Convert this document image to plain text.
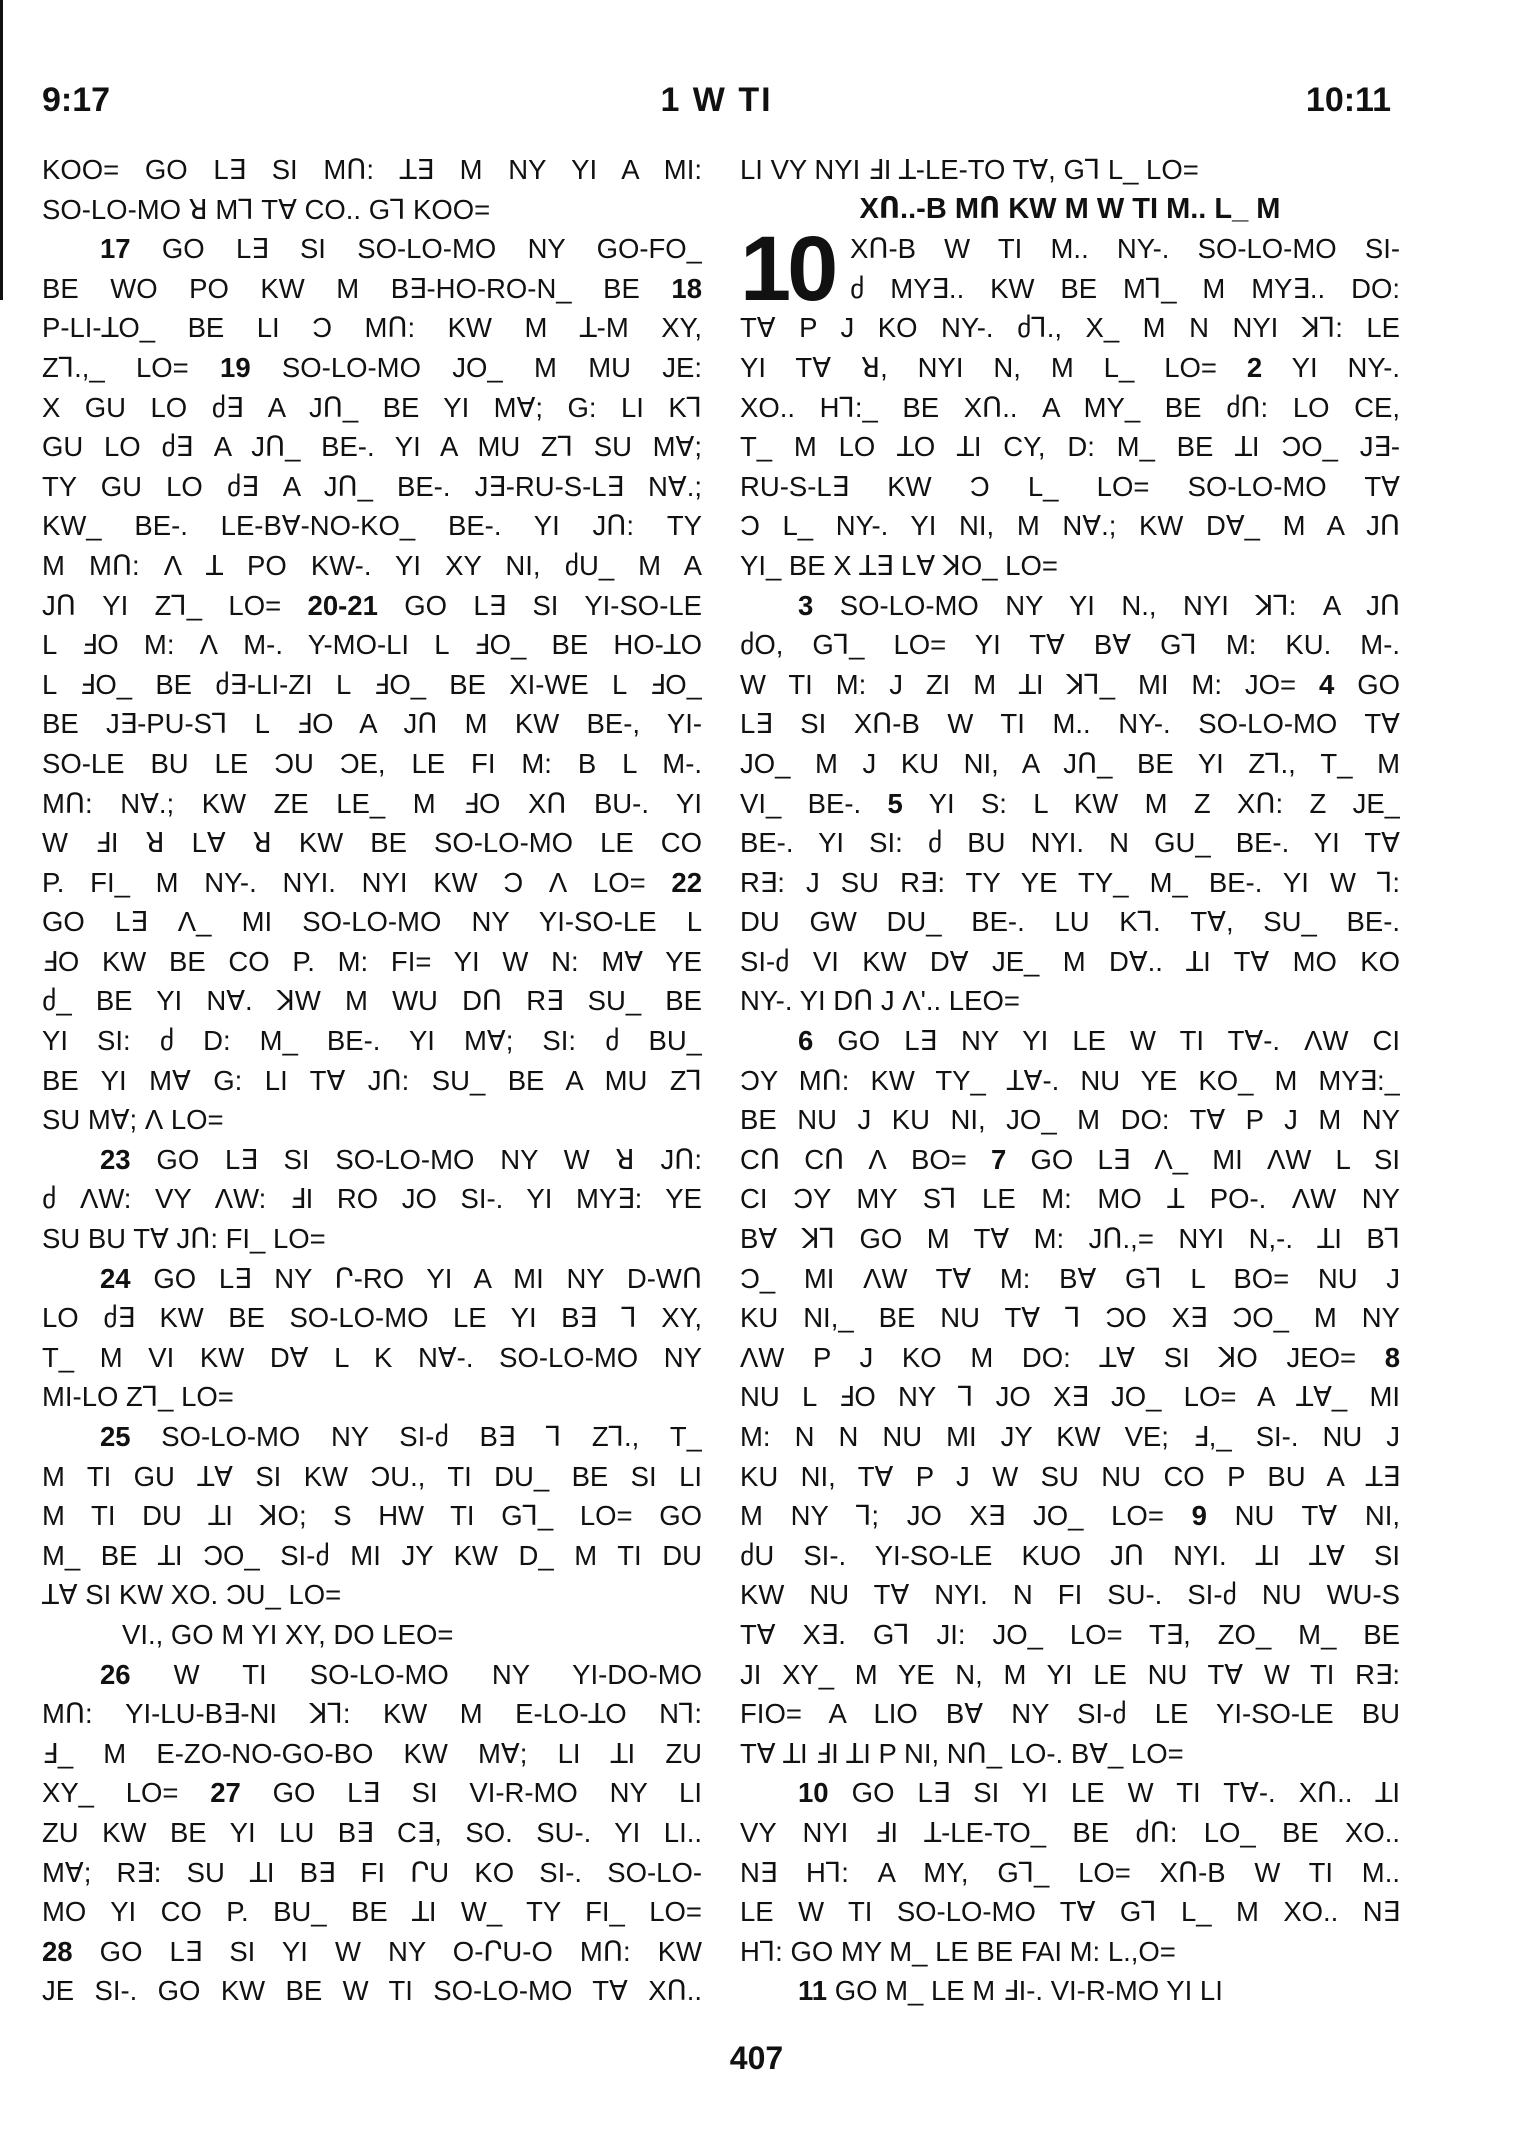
9:17	1 W TI	10:11
KOO= GO L∃ SI MՈ: ꓕ∃ M NY YI A MI:
SO-LO-MO ꓤ Mꓶ TⱯ CO.. Gꓶ KOO=
17 GO L∃ SI SO-LO-MO NY GO-FO_
BE WO PO KW M B∃-HO-RO-N_ BE 18
P-LI-ꓕO_ BE LI Ͻ MՈ: KW M ꓕ-M XY,
Zꓶ.,_ LO= 19 SO-LO-MO JO_ M MU JE:
X GU LO ძ∃ A JՈ_ BE YI MⱯ; G: LI Kꓶ
GU LO ძ∃ A JՈ_ BE-. YI A MU Zꓶ SU MⱯ;
TY GU LO ძ∃ A JՈ_ BE-. J∃-RU-S-L∃ NⱯ.;
KW_ BE-. LE-BⱯ-NO-KO_ BE-. YI JՈ: TY
M MՈ: Ʌ ꓕ PO KW-. YI XY NI, ძU_ M A
JՈ YI Zꓶ_ LO= 20-21 GO L∃ SI YI-SO-LE
L ꓞO M: Ʌ M-. Y-MO-LI L ꓞO_ BE HO-ꓕO
L ꓞO_ BE ძ∃-LI-ZI L ꓞO_ BE XI-WE L ꓞO_
BE J∃-PU-Sꓶ L ꓞO A JՈ M KW BE-, YI-
SO-LE BU LE ϽU ϽE, LE FI M: B L M-.
MՈ: NⱯ.; KW ZE LE_ M ꓞO XՈ BU-. YI
W ꓞI ꓤ LⱯ ꓤ KW BE SO-LO-MO LE CO
P. FI_ M NY-. NYI. NYI KW Ͻ Ʌ LO= 22
GO L∃ Ʌ_ MI SO-LO-MO NY YI-SO-LE L
ꓞO KW BE CO P. M: FI= YI W N: MⱯ YE
ძ_ BE YI NⱯ. ꓘW M WU DՈ R∃ SU_ BE
YI SI: ძ D: M_ BE-. YI MⱯ; SI: ძ BU_
BE YI MⱯ G: LI TⱯ JՈ: SU_ BE A MU Zꓶ
SU MⱯ; Ʌ LO=
23 GO L∃ SI SO-LO-MO NY W ꓤ JՈ:
ძ ɅW: VY ɅW: ꓞI RO JO SI-. YI MY∃: YE
SU BU TⱯ JՈ: FI_ LO=
24 GO L∃ NY Ր-RO YI A MI NY D-WՈ
LO ძ∃ KW BE SO-LO-MO LE YI B∃ ꓶ XY,
T_ M VI KW DⱯ L K NⱯ-. SO-LO-MO NY
MI-LO Zꓶ_ LO=
25 SO-LO-MO NY SI-ძ B∃ ꓶ Zꓶ., T_
M TI GU ꓕⱯ SI KW ϽU., TI DU_ BE SI LI
M TI DU ꓕI ꓘO; S HW TI Gꓶ_ LO= GO
M_ BE ꓕI ϽO_ SI-ძ MI JY KW D_ M TI DU
ꓕⱯ SI KW XO. ϽU_ LO=
VI., GO M YI XY, DO LEO=
26 W TI SO-LO-MO NY YI-DO-MO
MՈ: YI-LU-B∃-NI ꓘꓶ: KW M E-LO-ꓕO Nꓶ:
ꓞ_ M E-ZO-NO-GO-BO KW MⱯ; LI ꓕI ZU
XY_ LO= 27 GO L∃ SI VI-R-MO NY LI
ZU KW BE YI LU B∃ C∃, SO. SU-. YI LI..
MⱯ; R∃: SU ꓕI B∃ FI ՐU KO SI-. SO-LO-
MO YI CO P. BU_ BE ꓕI W_ TY FI_ LO=
28 GO L∃ SI YI W NY O-ՐU-O MՈ: KW
JE SI-. GO KW BE W TI SO-LO-MO TⱯ XՈ..
LI VY NYI ꓞI ꓕ-LE-TO TⱯ, Gꓶ L_ LO=
XՈ..-B MՈ KW M W TI M.. L_ M
10 XՈ-B W TI M.. NY-. SO-LO-MO SI-
ძ MY∃.. KW BE Mꓶ_ M MY∃.. DO:
TⱯ P J KO NY-. ძꓶ., X_ M N NYI ꓘꓶ: LE
YI TⱯ ꓤ, NYI N, M L_ LO= 2 YI NY-.
XO.. Hꓶ:_ BE XՈ.. A MY_ BE ძՈ: LO CE,
T_ M LO ꓕO ꓕI CY, D: M_ BE ꓕI ϽO_ J∃-
RU-S-L∃ KW Ͻ L_ LO= SO-LO-MO TⱯ
Ͻ L_ NY-. YI NI, M NⱯ.; KW DⱯ_ M A JՈ
YI_ BE X ꓕ∃ LⱯ ꓘO_ LO=
3 SO-LO-MO NY YI N., NYI ꓘꓶ: A JՈ
ძO, Gꓶ_ LO= YI TⱯ BⱯ Gꓶ M: KU. M-.
W TI M: J ZI M ꓕI ꓘꓶ_ MI M: JO= 4 GO
L∃ SI XՈ-B W TI M.. NY-. SO-LO-MO TⱯ
JO_ M J KU NI, A JՈ_ BE YI Zꓶ., T_ M
VI_ BE-. 5 YI S: L KW M Z XՈ: Z JE_
BE-. YI SI: ძ BU NYI. N GU_ BE-. YI TⱯ
R∃: J SU R∃: TY YE TY_ M_ BE-. YI W ꓶ:
DU GW DU_ BE-. LU Kꓶ. TⱯ, SU_ BE-.
SI-ძ VI KW DⱯ JE_ M DⱯ.. ꓕI TⱯ MO KO
NY-. YI DՈ J Ʌ'.. LEO=
6 GO L∃ NY YI LE W TI TⱯ-. ɅW CI
ϽY MՈ: KW TY_ ꓕⱯ-. NU YE KO_ M MY∃:_
BE NU J KU NI, JO_ M DO: TⱯ P J M NY
CՈ CՈ Ʌ BO= 7 GO L∃ Ʌ_ MI ɅW L SI
CI ϽY MY Sꓶ LE M: MO ꓕ PO-. ɅW NY
BⱯ ꓘꓶ GO M TⱯ M: JՈ.,= NYI N,-. ꓕI Bꓶ
Ͻ_ MI ɅW TⱯ M: BⱯ Gꓶ L BO= NU J
KU NI,_ BE NU TⱯ ꓶ ϽO X∃ ϽO_ M NY
ɅW P J KO M DO: ꓕⱯ SI ꓘO JEO= 8
NU L ꓞO NY ꓶ JO X∃ JO_ LO= A ꓕⱯ_ MI
M: N N NU MI JY KW VE; ꓞ,_ SI-. NU J
KU NI, TⱯ P J W SU NU CO P BU A ꓕ∃
M NY ꓶ; JO X∃ JO_ LO= 9 NU TⱯ NI,
ძU SI-. YI-SO-LE KUO JՈ NYI. ꓕI ꓕⱯ SI
KW NU TⱯ NYI. N FI SU-. SI-ძ NU WU-S
TⱯ X∃. Gꓶ JI: JO_ LO= T∃, ZO_ M_ BE
JI XY_ M YE N, M YI LE NU TⱯ W TI R∃:
FIO= A LIO BⱯ NY SI-ძ LE YI-SO-LE BU
TⱯ ꓕI ꓞI ꓕI P NI, NՈ_ LO-. BⱯ_ LO=
10 GO L∃ SI YI LE W TI TⱯ-. XՈ.. ꓕI
VY NYI ꓞI ꓕ-LE-TO_ BE ძՈ: LO_ BE XO..
N∃ Hꓶ: A MY, Gꓶ_ LO= XՈ-B W TI M..
LE W TI SO-LO-MO TⱯ Gꓶ L_ M XO.. N∃
Hꓶ: GO MY M_ LE BE FAI M: L.,O=
11 GO M_ LE M ꓞI-. VI-R-MO YI LI
407
